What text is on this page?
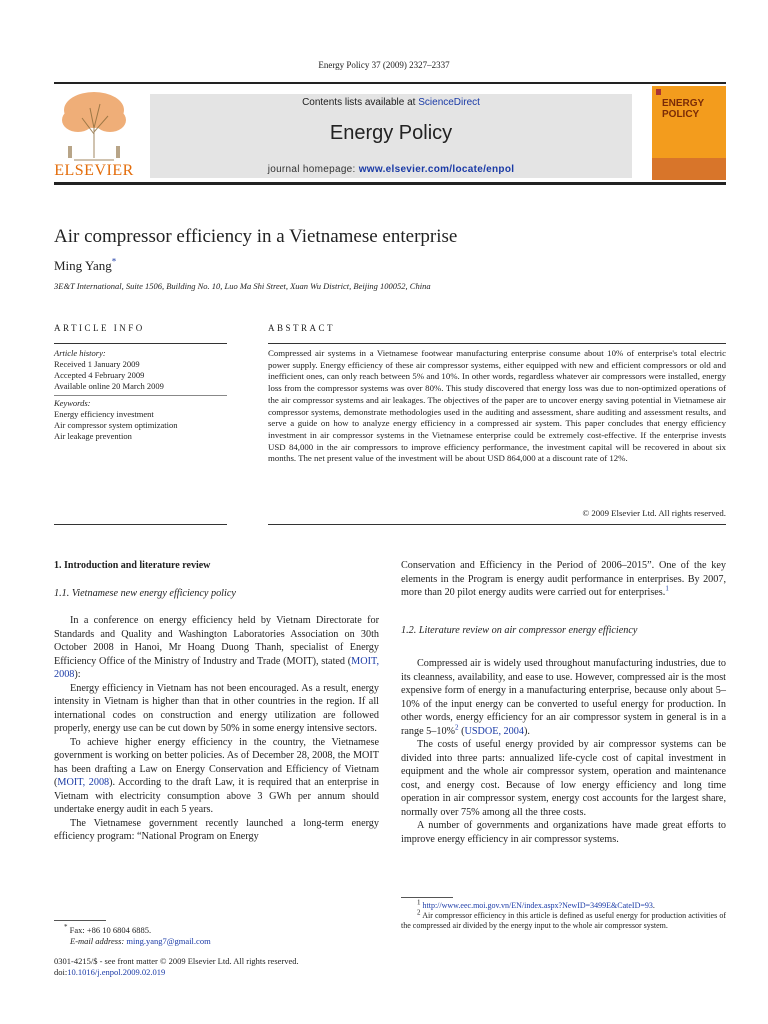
Energy Policy 37 (2009) 2327–2337
ELSEVIER
Contents lists available at ScienceDirect
Energy Policy
journal homepage: www.elsevier.com/locate/enpol
ENERGY
POLICY
Air compressor efficiency in a Vietnamese enterprise
Ming Yang*
3E&T International, Suite 1506, Building No. 10, Luo Ma Shi Street, Xuan Wu District, Beijing 100052, China
ARTICLE INFO	ABSTRACT
Article history:
Received 1 January 2009
Accepted 4 February 2009
Available online 20 March 2009
Keywords:
Energy efficiency investment
Air compressor system optimization
Air leakage prevention
Compressed air systems in a Vietnamese footwear manufacturing enterprise consume about 10% of enterprise's total electric power supply. Energy efficiency of these air compressor systems, either equipped with new and efficient compressors or old and inefficient ones, can only reach between 5% and 10%. In other words, regardless whatever air compressors were installed, energy loss from the compressor systems was over 80%. This study discovered that energy loss was due to non-optimized operations of the air compressor systems and air leakages. The objectives of the paper are to uncover energy saving potential in Vietnamese air compressor systems, demonstrate methodologies used in the auditing and assessment, share auditing and assessment results, and serve a guide on how to analyze energy efficiency in a compressed air system. This paper concludes that energy efficiency investment in air compressor systems in the Vietnamese enterprise could be extremely cost-effective. If the enterprise invests USD 84,000 in the air compressors to improve efficiency performance, the investment capital will be recovered in about six months. The net present value of the investment will be about USD 864,000 at a discount rate of 12%.
© 2009 Elsevier Ltd. All rights reserved.
1. Introduction and literature review
1.1. Vietnamese new energy efficiency policy

In a conference on energy efficiency held by Vietnam Directorate for Standards and Quality and Washington Laboratories Association on 30th October 2008 in Hanoi, Mr Hoang Duong Thanh, specialist of Energy Efficiency Office of the Ministry of Industry and Trade (MOIT), stated (MOIT, 2008):

Energy efficiency in Vietnam has not been encouraged. As a result, energy intensity in Vietnam is higher than that in other countries in the region. If all international codes on construction and energy utilization are followed properly, energy use can be cut down by 50% in some energy intensive sectors.

To achieve higher energy efficiency in the country, the Vietnamese government is working on better policies. As of December 28, 2008, the MOIT has been drafting a Law on Energy Conservation and Efficiency of Vietnam (MOIT, 2008). According to the draft Law, it is required that an enterprise in Vietnam with electricity consumption above 3 GWh per annum should undertake energy audit in each 5 years.

The Vietnamese government recently launched a long-term energy efficiency program: “National Program on Energy

Conservation and Efficiency in the Period of 2006–2015”. One of the key elements in the Program is energy audit performance in enterprises. By 2007, more than 20 pilot energy audits were carried out for enterprises.$^1$

1.2. Literature review on air compressor energy efficiency

Compressed air is widely used throughout manufacturing industries, due to its cleanness, availability, and ease to use. However, compressed air is the most expensive form of energy in a manufacturing enterprise, because only about 5–10% of the input energy can be converted to useful energy for production. In other words, energy efficiency for an air compressor system in general is in a range 5–10%$^2$ (USDOE, 2004).

The costs of useful energy provided by air compressor systems can be divided into three parts: annualized life-cycle cost of capital investment in equipment and the whole air compressor system, operation and maintenance cost, and energy cost. Because of low energy efficiency and long time operation in air compressor system, energy cost accounts for the largest share, normally over 75% among all the three costs.

A number of governments and organizations have made great efforts to improve energy efficiency in air compressor systems.

$^1$ http://www.eec.moi.gov.vn/EN/index.aspx?NewID=3499E&CateID=93.
$^2$ Air compressor efficiency in this article is defined as useful energy for production activities of the compressed air divided by the energy input to the whole air compressor system.
* Fax: +86 10 6804 6885.
E-mail address: ming.yang7@gmail.com
0301-4215/$ - see front matter © 2009 Elsevier Ltd. All rights reserved.
doi:10.1016/j.enpol.2009.02.019
